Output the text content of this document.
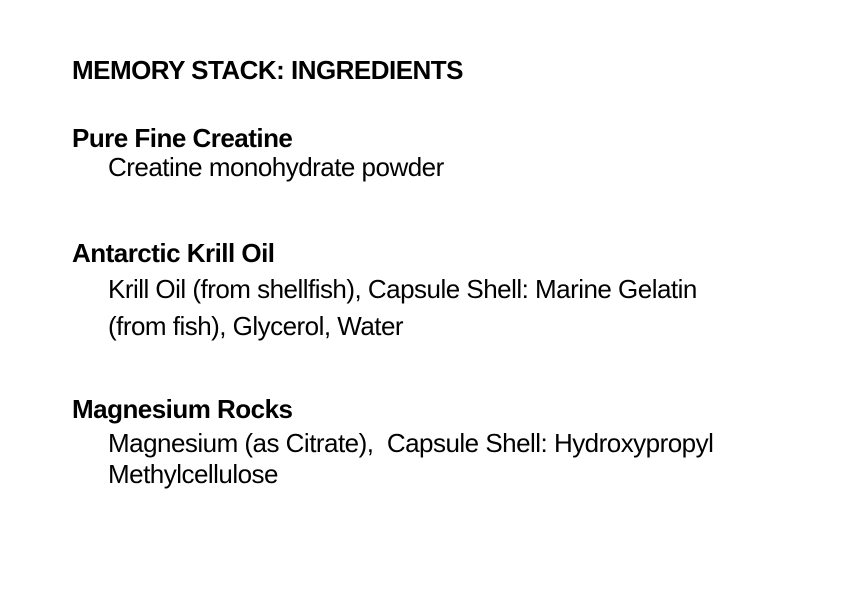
MEMORY STACK: INGREDIENTS
Pure Fine Creatine

Creatine monohydrate powder

Antarctic Krill Oil

Krill Oil (from shellfish), Capsule Shell: Marine Gelatin

(from fish), Glycerol, Water

Magnesium Rocks

Magnesium (as Citrate),  Capsule Shell: Hydroxypropyl

Methylcellulose
